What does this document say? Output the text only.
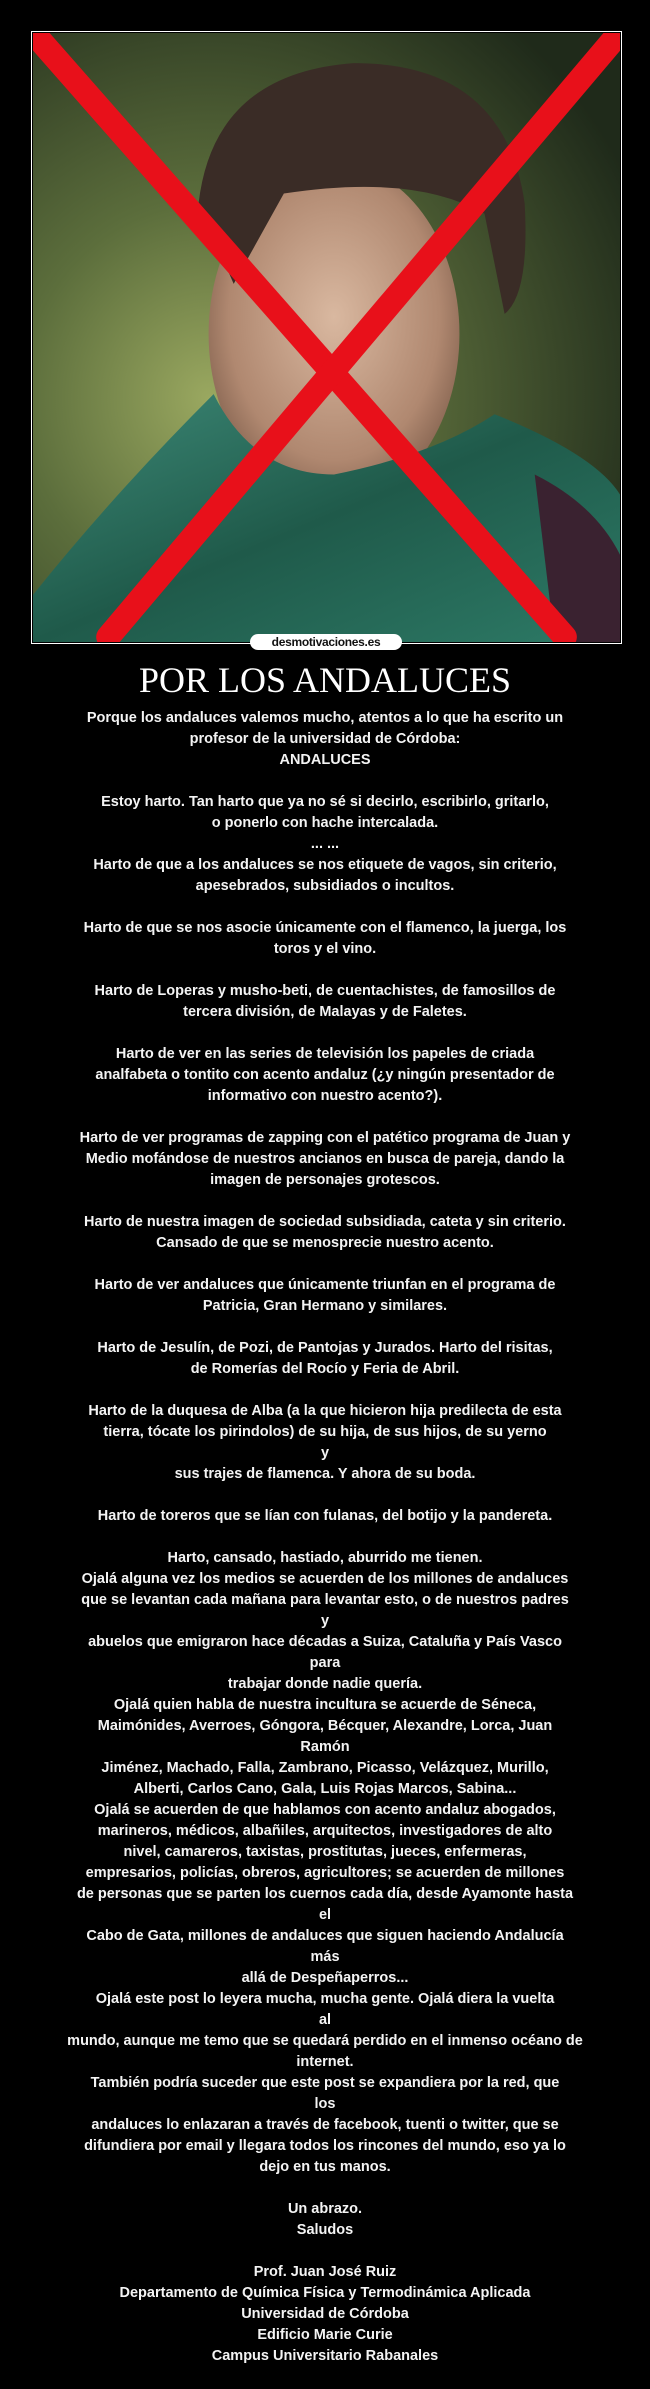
desmotivaciones.es
POR LOS ANDALUCES
Porque los andaluces valemos mucho, atentos a lo que ha escrito un
profesor de la universidad de Córdoba:
ANDALUCES
Estoy harto. Tan harto que ya no sé si decirlo, escribirlo, gritarlo,
o ponerlo con hache intercalada.
... ...
Harto de que a los andaluces se nos etiquete de vagos, sin criterio,
apesebrados, subsidiados o incultos.
Harto de que se nos asocie únicamente con el flamenco, la juerga, los
toros y el vino.
Harto de Loperas y musho-beti, de cuentachistes, de famosillos de
tercera división, de Malayas y de Faletes.
Harto de ver en las series de televisión los papeles de criada
analfabeta o tontito con acento andaluz (¿y ningún presentador de
informativo con nuestro acento?).
Harto de ver programas de zapping con el patético programa de Juan y
Medio mofándose de nuestros ancianos en busca de pareja, dando la
imagen de personajes grotescos.
Harto de nuestra imagen de sociedad subsidiada, cateta y sin criterio.
Cansado de que se menosprecie nuestro acento.
Harto de ver andaluces que únicamente triunfan en el programa de
Patricia, Gran Hermano y similares.
Harto de Jesulín, de Pozi, de Pantojas y Jurados. Harto del risitas,
de Romerías del Rocío y Feria de Abril.
Harto de la duquesa de Alba (a la que hicieron hija predilecta de esta
tierra, tócate los pirindolos) de su hija, de sus hijos, de su yerno
y
sus trajes de flamenca. Y ahora de su boda.
Harto de toreros que se lían con fulanas, del botijo y la pandereta.
Harto, cansado, hastiado, aburrido me tienen.
Ojalá alguna vez los medios se acuerden de los millones de andaluces
que se levantan cada mañana para levantar esto, o de nuestros padres
y
abuelos que emigraron hace décadas a Suiza, Cataluña y País Vasco
para
trabajar donde nadie quería.
Ojalá quien habla de nuestra incultura se acuerde de Séneca,
Maimónides, Averroes, Góngora, Bécquer, Alexandre, Lorca, Juan
Ramón
Jiménez, Machado, Falla, Zambrano, Picasso, Velázquez, Murillo,
Alberti, Carlos Cano, Gala, Luis Rojas Marcos, Sabina...
Ojalá se acuerden de que hablamos con acento andaluz abogados,
marineros, médicos, albañiles, arquitectos, investigadores de alto
nivel, camareros, taxistas, prostitutas, jueces, enfermeras,
empresarios, policías, obreros, agricultores; se acuerden de millones
de personas que se parten los cuernos cada día, desde Ayamonte hasta
el
Cabo de Gata, millones de andaluces que siguen haciendo Andalucía
más
allá de Despeñaperros...
Ojalá este post lo leyera mucha, mucha gente. Ojalá diera la vuelta
al
mundo, aunque me temo que se quedará perdido en el inmenso océano de
internet.
También podría suceder que este post se expandiera por la red, que
los
andaluces lo enlazaran a través de facebook, tuenti o twitter, que se
difundiera por email y llegara todos los rincones del mundo, eso ya lo
dejo en tus manos.
Un abrazo.
Saludos
Prof. Juan José Ruiz
Departamento de Química Física y Termodinámica Aplicada
Universidad de Córdoba
Edificio Marie Curie
Campus Universitario Rabanales
